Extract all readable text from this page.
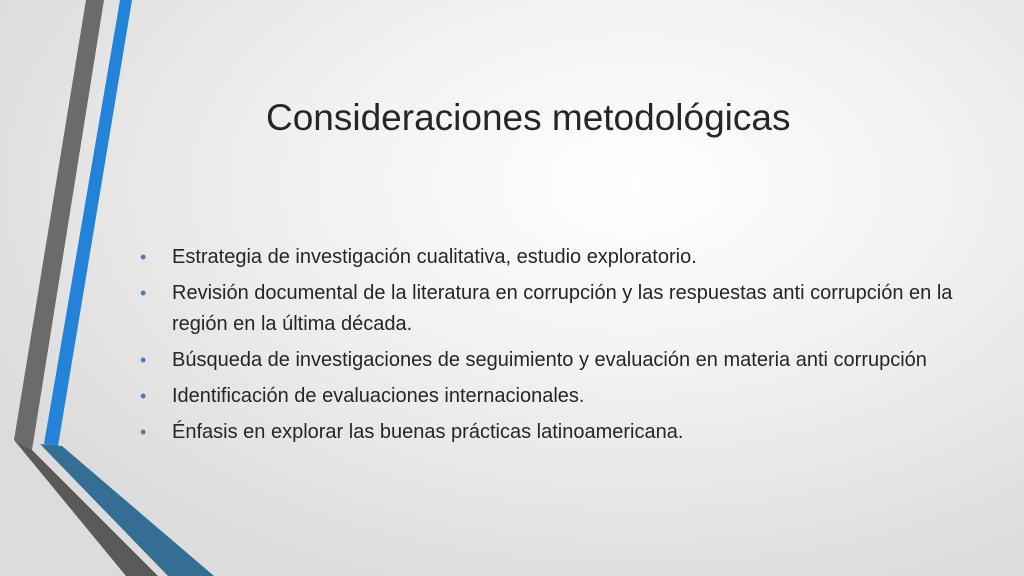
Consideraciones metodológicas
•	Estrategia de investigación cualitativa, estudio exploratorio.
•	Revisión documental de la literatura en corrupción y las respuestas anti corrupción en la región en la última década.
•	Búsqueda de investigaciones de seguimiento y evaluación en materia anti corrupción
•	Identificación de evaluaciones internacionales.
•	Énfasis en explorar las buenas prácticas latinoamericana.
